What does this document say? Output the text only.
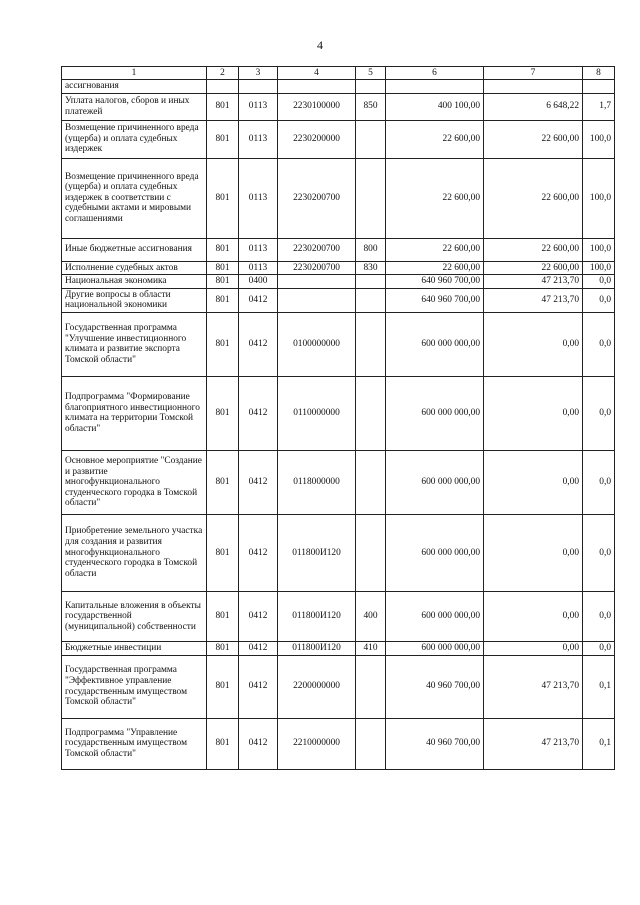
4
1	2	3	4	5	6	7	8
ассигнования							
Уплата налогов, сборов и иных платежей	801	0113	2230100000	850	400 100,00	6 648,22	1,7
Возмещение причиненного вреда (ущерба) и оплата судебных издержек	801	0113	2230200000		22 600,00	22 600,00	100,0
Возмещение причиненного вреда (ущерба) и оплата судебных издержек в соответствии с судебными актами и мировыми соглашениями	801	0113	2230200700		22 600,00	22 600,00	100,0
Иные бюджетные ассигнования	801	0113	2230200700	800	22 600,00	22 600,00	100,0
Исполнение судебных актов	801	0113	2230200700	830	22 600,00	22 600,00	100,0
Национальная экономика	801	0400			640 960 700,00	47 213,70	0,0
Другие вопросы в области национальной экономики	801	0412			640 960 700,00	47 213,70	0,0
Государственная программа "Улучшение инвестиционного климата и развитие экспорта Томской области"	801	0412	0100000000		600 000 000,00	0,00	0,0
Подпрограмма "Формирование благоприятного инвестиционного климата на территории Томской области"	801	0412	0110000000		600 000 000,00	0,00	0,0
Основное мероприятие "Создание и развитие многофункционального студенческого городка в Томской области"	801	0412	0118000000		600 000 000,00	0,00	0,0
Приобретение земельного участка для создания и развития многофункционального студенческого городка в Томской области	801	0412	011800И120		600 000 000,00	0,00	0,0
Капитальные вложения в объекты государственной (муниципальной) собственности	801	0412	011800И120	400	600 000 000,00	0,00	0,0
Бюджетные инвестиции	801	0412	011800И120	410	600 000 000,00	0,00	0,0
Государственная программа "Эффективное управление государственным имуществом Томской области"	801	0412	2200000000		40 960 700,00	47 213,70	0,1
Подпрограмма "Управление государственным имуществом Томской области"	801	0412	2210000000		40 960 700,00	47 213,70	0,1
